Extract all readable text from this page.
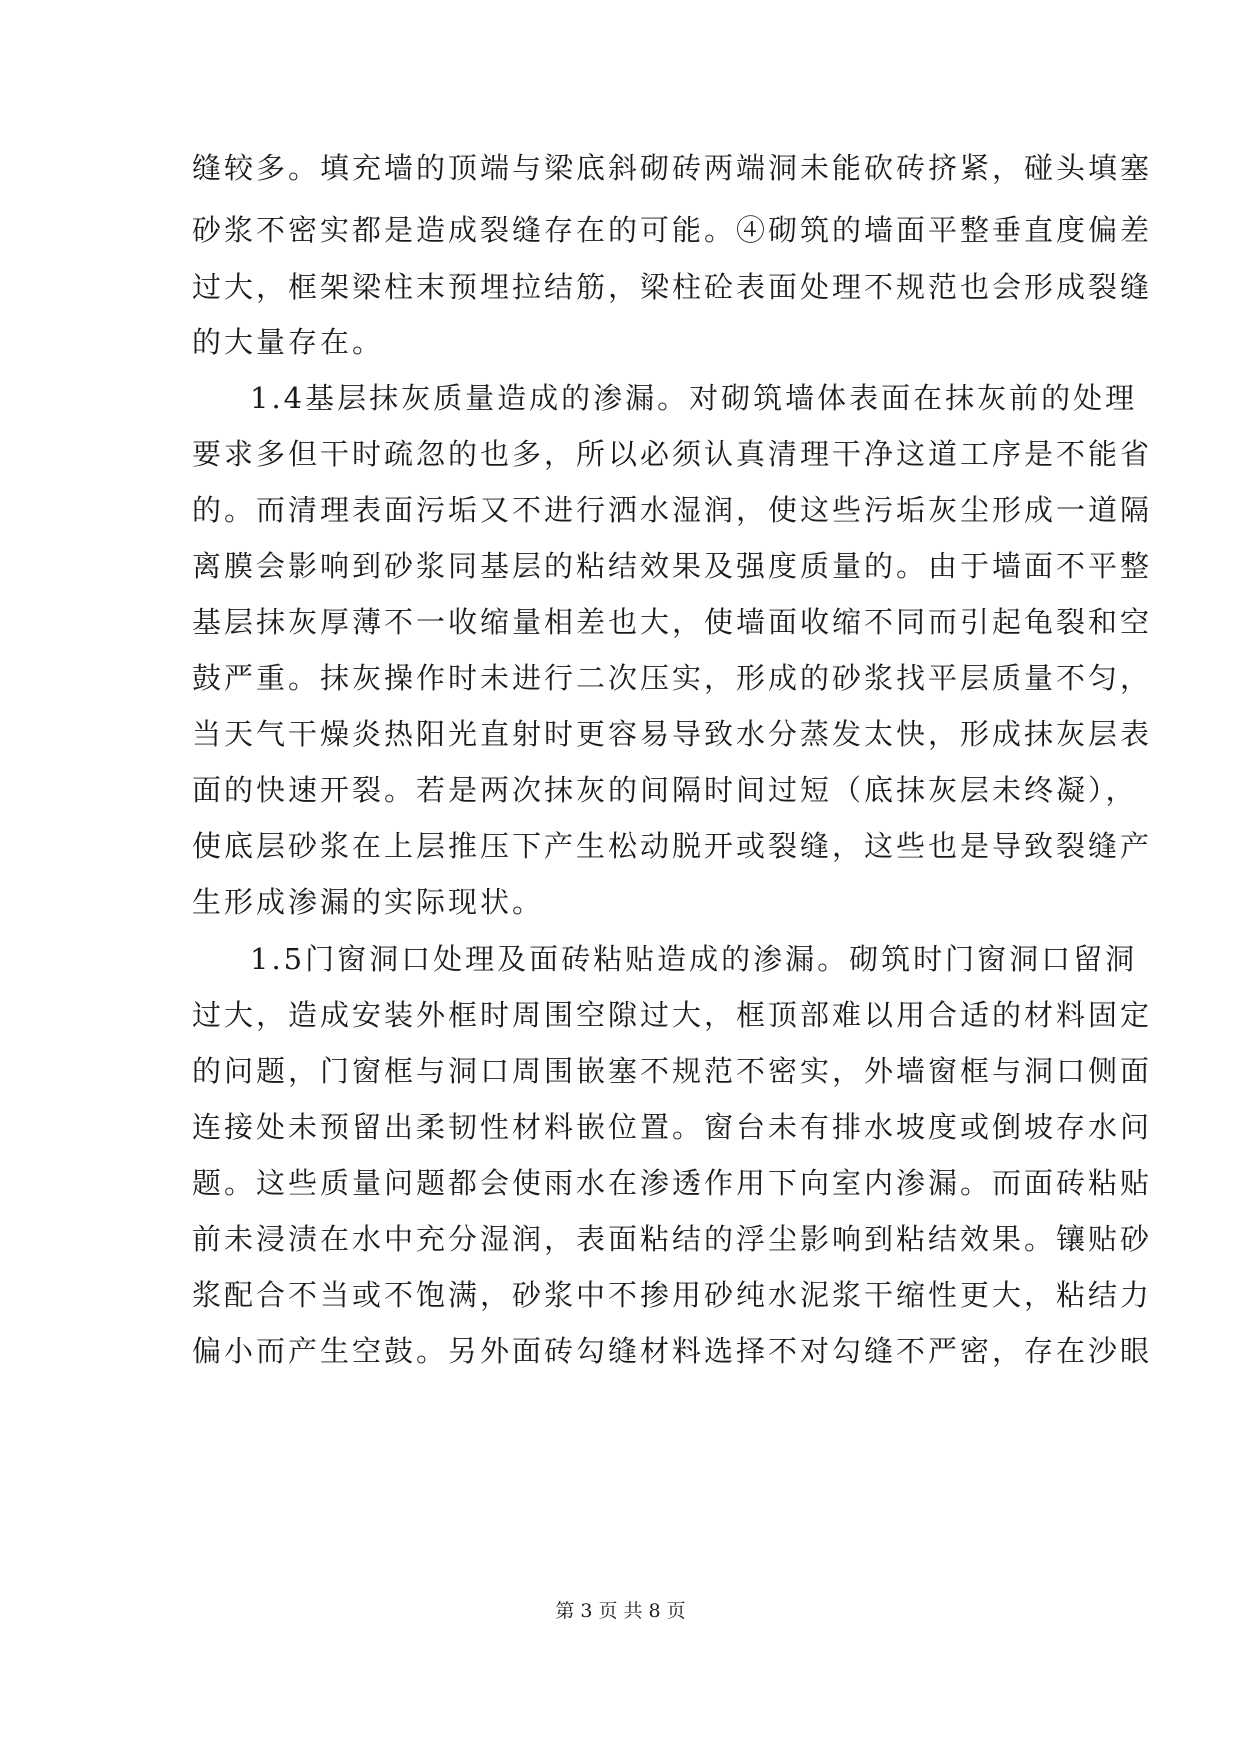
缝较多。填充墙的顶端与梁底斜砌砖两端洞未能砍砖挤紧，碰头填塞
砂浆不密实都是造成裂缝存在的可能。④砌筑的墙面平整垂直度偏差
过大，框架梁柱末预埋拉结筋，梁柱砼表面处理不规范也会形成裂缝
的大量存在。
1.4基层抹灰质量造成的渗漏。对砌筑墙体表面在抹灰前的处理
要求多但干时疏忽的也多，所以必须认真清理干净这道工序是不能省
的。而清理表面污垢又不进行洒水湿润，使这些污垢灰尘形成一道隔
离膜会影响到砂浆同基层的粘结效果及强度质量的。由于墙面不平整
基层抹灰厚薄不一收缩量相差也大，使墙面收缩不同而引起龟裂和空
鼓严重。抹灰操作时未进行二次压实，形成的砂浆找平层质量不匀，
当天气干燥炎热阳光直射时更容易导致水分蒸发太快，形成抹灰层表
面的快速开裂。若是两次抹灰的间隔时间过短（底抹灰层未终凝），
使底层砂浆在上层推压下产生松动脱开或裂缝，这些也是导致裂缝产
生形成渗漏的实际现状。
1.5门窗洞口处理及面砖粘贴造成的渗漏。砌筑时门窗洞口留洞
过大，造成安装外框时周围空隙过大，框顶部难以用合适的材料固定
的问题，门窗框与洞口周围嵌塞不规范不密实，外墙窗框与洞口侧面
连接处未预留出柔韧性材料嵌位置。窗台未有排水坡度或倒坡存水问
题。这些质量问题都会使雨水在渗透作用下向室内渗漏。而面砖粘贴
前未浸渍在水中充分湿润，表面粘结的浮尘影响到粘结效果。镶贴砂
浆配合不当或不饱满，砂浆中不掺用砂纯水泥浆干缩性更大，粘结力
偏小而产生空鼓。另外面砖勾缝材料选择不对勾缝不严密，存在沙眼
第 3 页 共 8 页
